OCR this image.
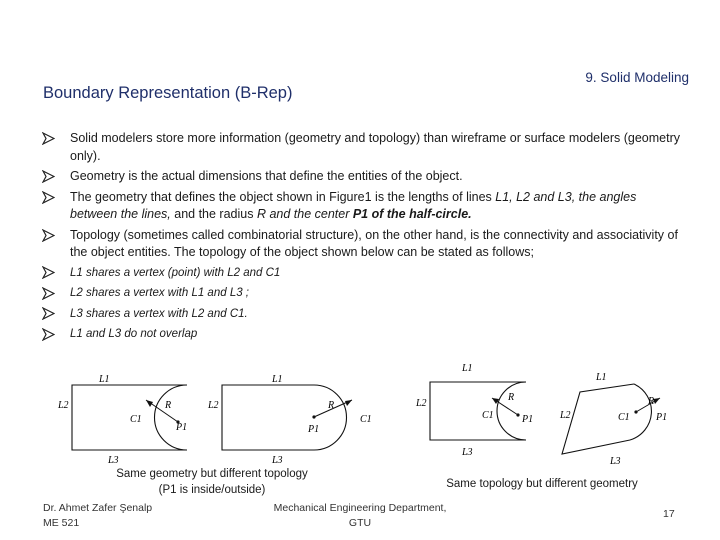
Boundary Representation (B-Rep)
9. Solid Modeling
Solid modelers store more information (geometry and topology) than wireframe or surface modelers (geometry only).
Geometry is the actual dimensions that define the entities of the object.
The geometry that defines the object shown in Figure1 is the lengths of lines L1, L2 and L3, the angles between the lines, and the radius R and the center P1 of the half-circle.
Topology (sometimes called combinatorial structure), on the other hand, is the connectivity and associativity of the object entities. The topology of the object shown below can be stated as follows;
L1 shares a vertex (point) with L2 and C1
L2 shares a vertex with L1 and L3 ;
L3 shares a vertex with L2 and C1.
L1 and L3 do not overlap
L1
L2
L3
C1
R
P1
L1
L2
L3
C1
R
P1
L1
L2
L3
C1
R
P1
L1
L2
L3
C1
R
P1
Same geometry but different topology
(P1 is inside/outside)	Same topology but different geometry
Dr. Ahmet Zafer Şenalp
ME 521
Mechanical Engineering Department,
GTU
17
